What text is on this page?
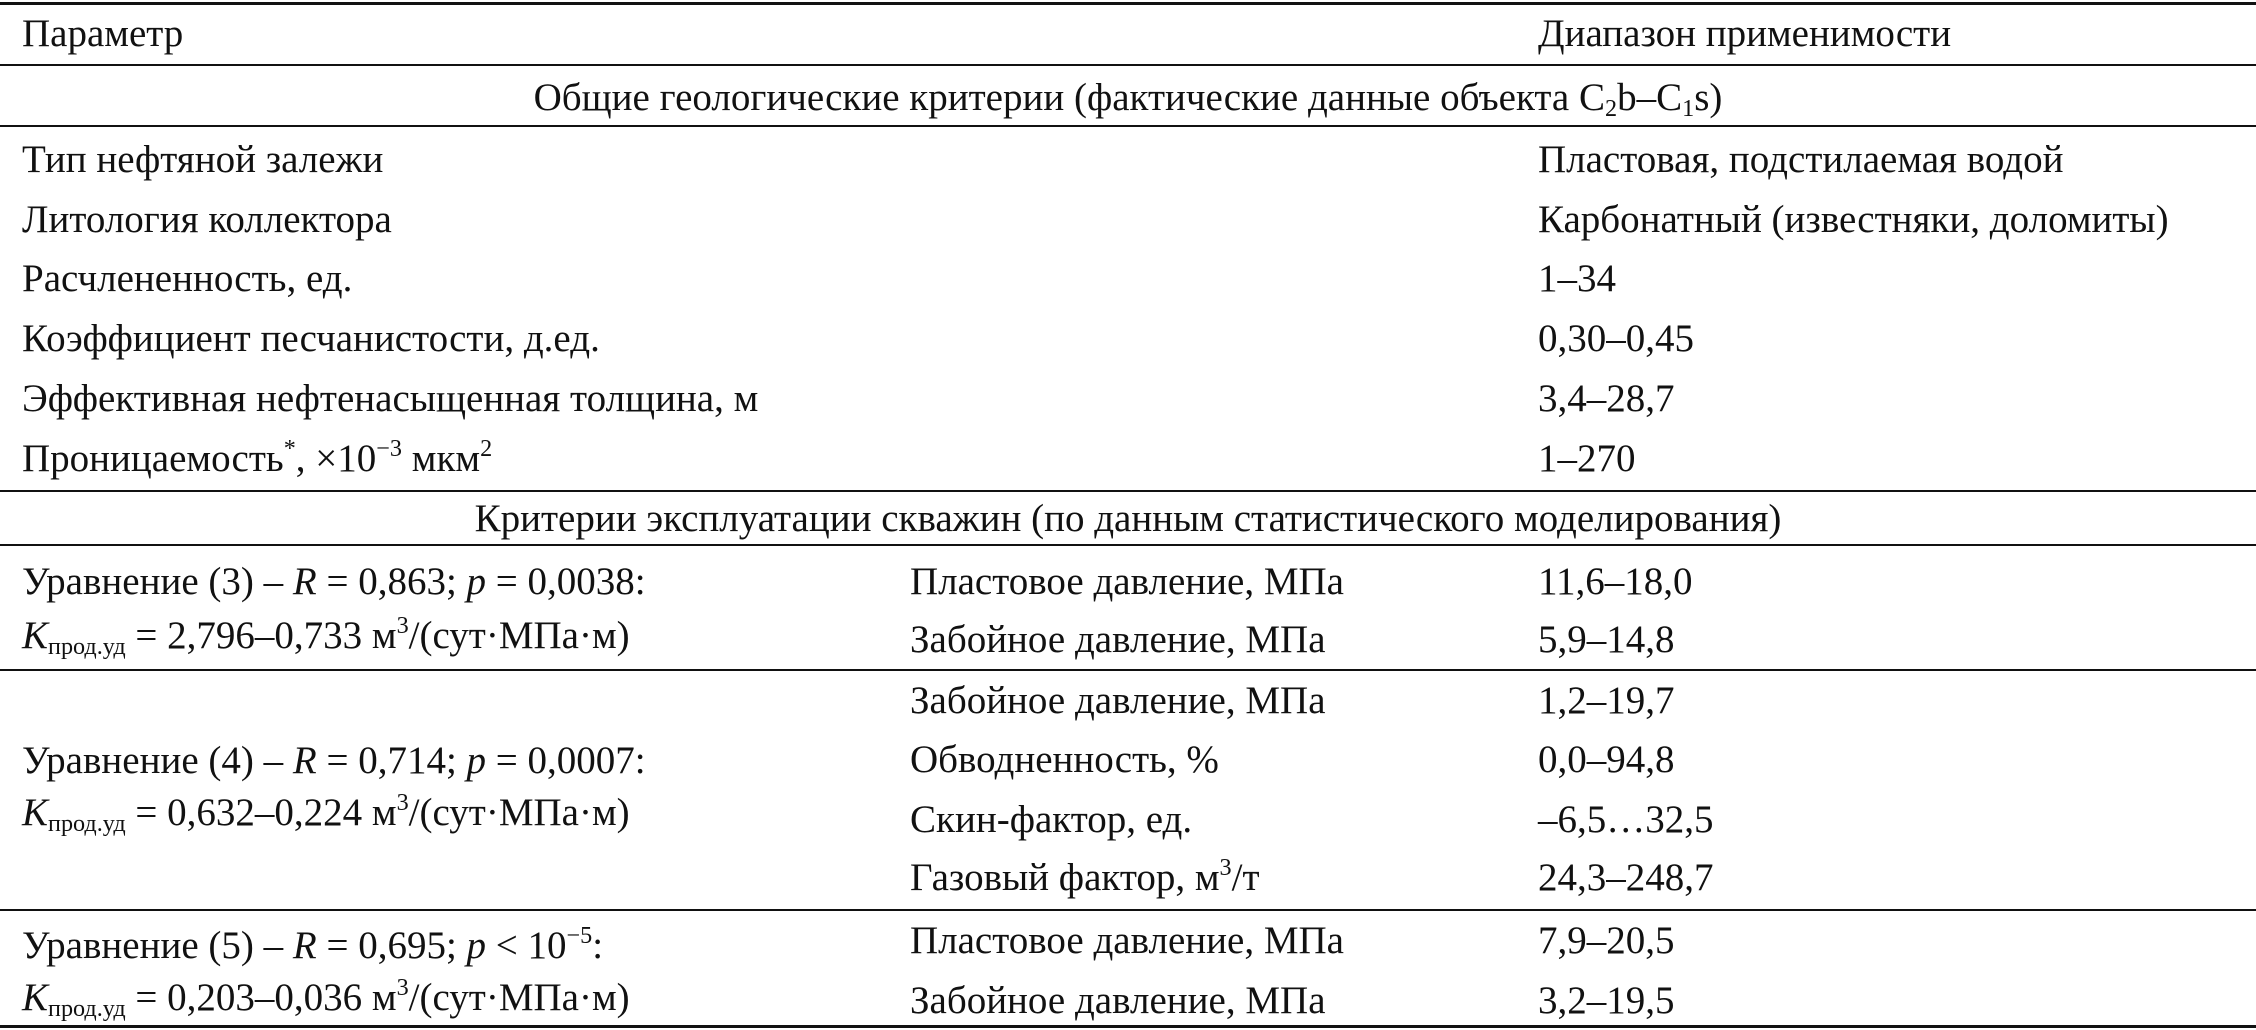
Параметр	Диапазон применимости
Общие геологические критерии (фактические данные объекта $C_2b-C_1s$)
Тип нефтяной залежи	Пластовая, подстилаемая водой
Литология коллектора	Карбонатный (известняки, доломиты)
Расчлененность, ед.	1–34
Коэффициент песчанистости, д.ед.	0,30–0,45
Эффективная нефтенасыщенная толщина, м	3,4–28,7
Проницаемость*, $\times 10^{-3}$ мкм$^2$	1–270
Критерии эксплуатации скважин (по данным статистического моделирования)
Уравнение (3) – R = 0,863; p = 0,0038:
$K_{прод.уд} = 2,796-0,733$ $м^3/(сут\cdot МПа\cdot м)$
Пластовое давление, МПа	11,6–18,0
Забойное давление, МПа	5,9–14,8
Уравнение (4) – R = 0,714; p = 0,0007:
$K_{прод.уд} = 0,632-0,224$ $м^3/(сут\cdot МПа\cdot м)$
Забойное давление, МПа	1,2–19,7
Обводненность, %	0,0–94,8
Скин-фактор, ед.	–6,5…32,5
Газовый фактор, $м^3/т$	24,3–248,7
Уравнение (5) – R = 0,695; $p < 10^{-5}$:
$K_{прод.уд} = 0,203-0,036$ $м^3/(сут\cdot МПа\cdot м)$
Пластовое давление, МПа	7,9–20,5
Забойное давление, МПа	3,2–19,5
